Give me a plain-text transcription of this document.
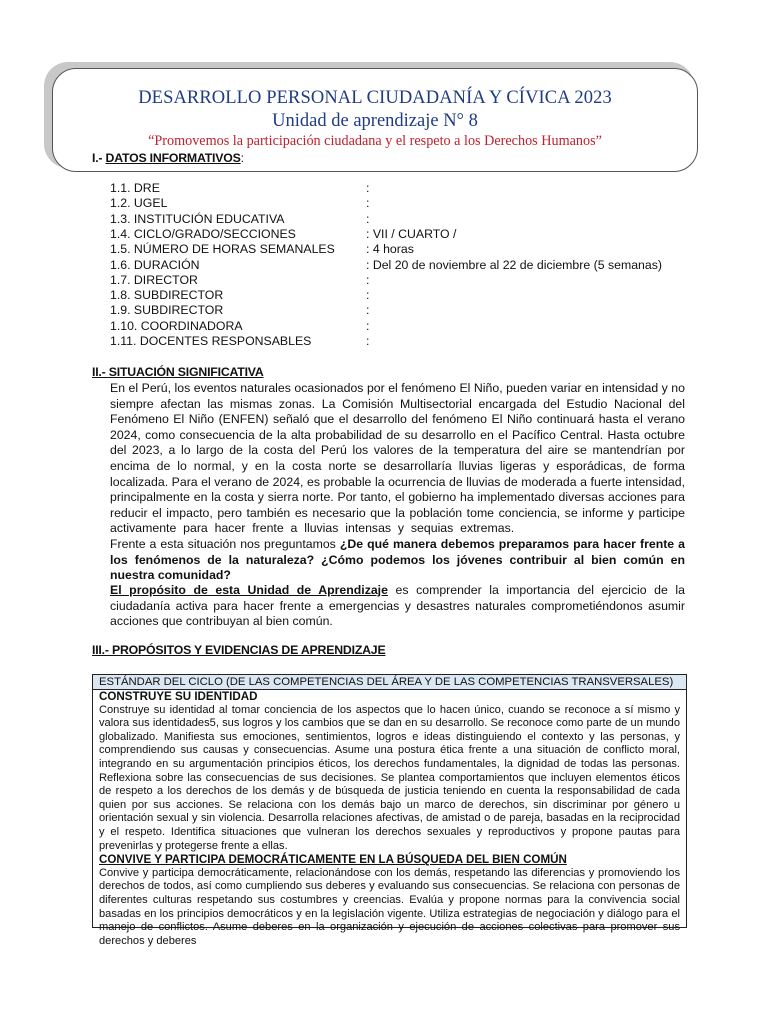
DESARROLLO PERSONAL CIUDADANÍA Y CÍVICA 2023
Unidad de aprendizaje N° 8

“Promovemos la participación ciudadana y el respeto a los Derechos Humanos”

I.- DATOS INFORMATIVOS:

1.1. DRE	:
1.2. UGEL	:
1.3. INSTITUCIÓN EDUCATIVA	:
1.4. CICLO/GRADO/SECCIONES	: VII / CUARTO /
1.5. NÚMERO DE HORAS SEMANALES	: 4 horas
1.6. DURACIÓN	: Del 20 de noviembre al 22 de diciembre (5 semanas)
1.7. DIRECTOR	:
1.8. SUBDIRECTOR	:
1.9. SUBDIRECTOR	:
1.10. COORDINADORA	:
1.11. DOCENTES RESPONSABLES	:

II.- SITUACIÓN SIGNIFICATIVA

En el Perú, los eventos naturales ocasionados por el fenómeno El Niño, pueden variar en intensidad y no siempre afectan las mismas zonas. La Comisión Multisectorial encargada del Estudio Nacional del Fenómeno El Niño (ENFEN) señaló que el desarrollo del fenómeno El Niño continuará hasta el verano 2024, como consecuencia de la alta probabilidad de su desarrollo en el Pacífico Central. Hasta octubre del 2023, a lo largo de la costa del Perú los valores de la temperatura del aire se mantendrían por encima de lo normal, y en la costa norte se desarrollaría lluvias ligeras y esporádicas, de forma localizada. Para el verano de 2024, es probable la ocurrencia de lluvias de moderada a fuerte intensidad, principalmente en la costa y sierra norte. Por tanto, el gobierno ha implementado diversas acciones para reducir el impacto, pero también es necesario que la población tome conciencia, se informe y participe activamente para hacer frente a lluvias intensas y sequias extremas. Frente a esta situación nos preguntamos ¿De qué manera debemos preparamos para hacer frente a los fenómenos de la naturaleza? ¿Cómo podemos los jóvenes contribuir al bien común en nuestra comunidad?

El propósito de esta Unidad de Aprendizaje es comprender la importancia del ejercicio de la ciudadanía activa para hacer frente a emergencias y desastres naturales comprometiéndonos asumir acciones que contribuyan al bien común.

III.- PROPÓSITOS Y EVIDENCIAS DE APRENDIZAJE

ESTÁNDAR DEL CICLO (DE LAS COMPETENCIAS DEL ÁREA Y DE LAS COMPETENCIAS TRANSVERSALES)

CONSTRUYE SU IDENTIDAD

Construye su identidad al tomar conciencia de los aspectos que lo hacen único, cuando se reconoce a sí mismo y valora sus identidades5, sus logros y los cambios que se dan en su desarrollo. Se reconoce como parte de un mundo globalizado. Manifiesta sus emociones, sentimientos, logros e ideas distinguiendo el contexto y las personas, y comprendiendo sus causas y consecuencias. Asume una postura ética frente a una situación de conflicto moral, integrando en su argumentación principios éticos, los derechos fundamentales, la dignidad de todas las personas. Reflexiona sobre las consecuencias de sus decisiones. Se plantea comportamientos que incluyen elementos éticos de respeto a los derechos de los demás y de búsqueda de justicia teniendo en cuenta la responsabilidad de cada quien por sus acciones. Se relaciona con los demás bajo un marco de derechos, sin discriminar por género u orientación sexual y sin violencia. Desarrolla relaciones afectivas, de amistad o de pareja, basadas en la reciprocidad y el respeto. Identifica situaciones que vulneran los derechos sexuales y reproductivos y propone pautas para prevenirlas y protegerse frente a ellas.

CONVIVE Y PARTICIPA DEMOCRÁTICAMENTE EN LA BÚSQUEDA DEL BIEN COMÚN

Convive y participa democráticamente, relacionándose con los demás, respetando las diferencias y promoviendo los derechos de todos, así como cumpliendo sus deberes y evaluando sus consecuencias. Se relaciona con personas de diferentes culturas respetando sus costumbres y creencias. Evalúa y propone normas para la convivencia social basadas en los principios democráticos y en la legislación vigente. Utiliza estrategias de negociación y diálogo para el manejo de conflictos. Asume deberes en la organización y ejecución de acciones colectivas para promover sus derechos y deberes
